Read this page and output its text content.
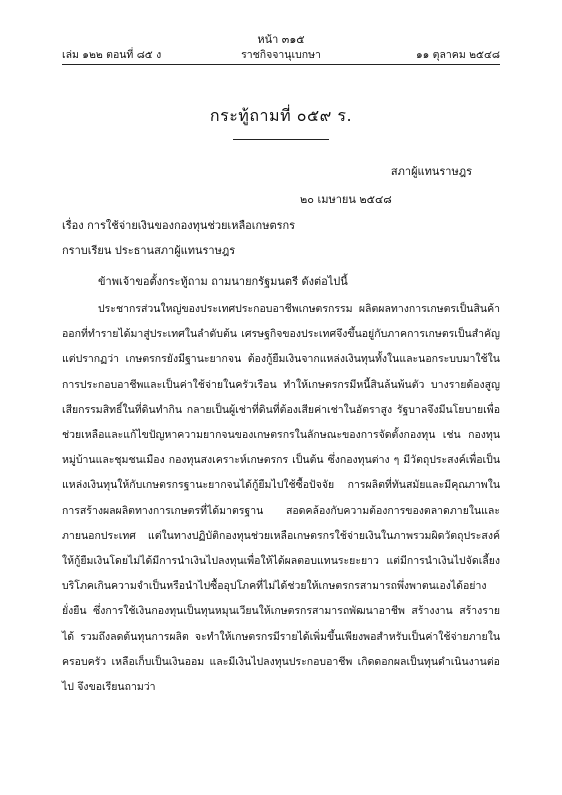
หน้า ๓๑๕
เล่ม ๑๒๒ ตอนที่ ๘๕ ง	ราชกิจจานุเบกษา	๑๑ ตุลาคม ๒๕๔๘
กระทู้ถามที่ ๐๕๙ ร.
สภาผู้แทนราษฎร
๒๐ เมษายน ๒๕๔๘
เรื่อง การใช้จ่ายเงินของกองทุนช่วยเหลือเกษตรกร
กราบเรียน ประธานสภาผู้แทนราษฎร
ข้าพเจ้าขอตั้งกระทู้ถาม ถามนายกรัฐมนตรี ดังต่อไปนี้

ประชากรส่วนใหญ่ของประเทศประกอบอาชีพเกษตรกรรม ผลิตผลทางการเกษตรเป็นสินค้าออกที่ทำรายได้มาสู่ประเทศในลำดับต้น เศรษฐกิจของประเทศจึงขึ้นอยู่กับภาคการเกษตรเป็นสำคัญ แต่ปรากฏว่า เกษตรกรยังมีฐานะยากจน ต้องกู้ยืมเงินจากแหล่งเงินทุนทั้งในและนอกระบบมาใช้ในการประกอบอาชีพและเป็นค่าใช้จ่ายในครัวเรือน ทำให้เกษตรกรมีหนี้สินล้นพ้นตัว บางรายต้องสูญเสียกรรมสิทธิ์ในที่ดินทำกิน กลายเป็นผู้เช่าที่ดินที่ต้องเสียค่าเช่าในอัตราสูง รัฐบาลจึงมีนโยบายเพื่อช่วยเหลือและแก้ไขปัญหาความยากจนของเกษตรกรในลักษณะของการจัดตั้งกองทุน เช่น กองทุนหมู่บ้านและชุมชนเมือง กองทุนสงเคราะห์เกษตรกร เป็นต้น ซึ่งกองทุนต่าง ๆ มีวัตถุประสงค์เพื่อเป็นแหล่งเงินทุนให้กับเกษตรกรฐานะยากจนได้กู้ยืมไปใช้ซื้อปัจจัย การผลิตที่ทันสมัยและมีคุณภาพในการสร้างผลผลิตทางการเกษตรที่ได้มาตรฐาน สอดคล้องกับความต้องการของตลาดภายในและภายนอกประเทศ แต่ในทางปฏิบัติกองทุนช่วยเหลือเกษตรกรใช้จ่ายเงินในภาพรวมผิดวัตถุประสงค์ให้กู้ยืมเงินโดยไม่ได้มีการนำเงินไปลงทุนเพื่อให้ได้ผลตอบแทนระยะยาว แต่มีการนำเงินไปจัดเลี้ยงบริโภคเกินความจำเป็นหรือนำไปซื้ออุปโภคที่ไม่ได้ช่วยให้เกษตรกรสามารถพึ่งพาตนเองได้อย่างยั่งยืน ซึ่งการใช้เงินกองทุนเป็นทุนหมุนเวียนให้เกษตรกรสามารถพัฒนาอาชีพ สร้างงาน สร้างรายได้ รวมถึงลดต้นทุนการผลิต จะทำให้เกษตรกรมีรายได้เพิ่มขึ้นเพียงพอสำหรับเป็นค่าใช้จ่ายภายในครอบครัว เหลือเก็บเป็นเงินออม และมีเงินไปลงทุนประกอบอาชีพ เกิดดอกผลเป็นทุนดำเนินงานต่อไป จึงขอเรียนถามว่า
